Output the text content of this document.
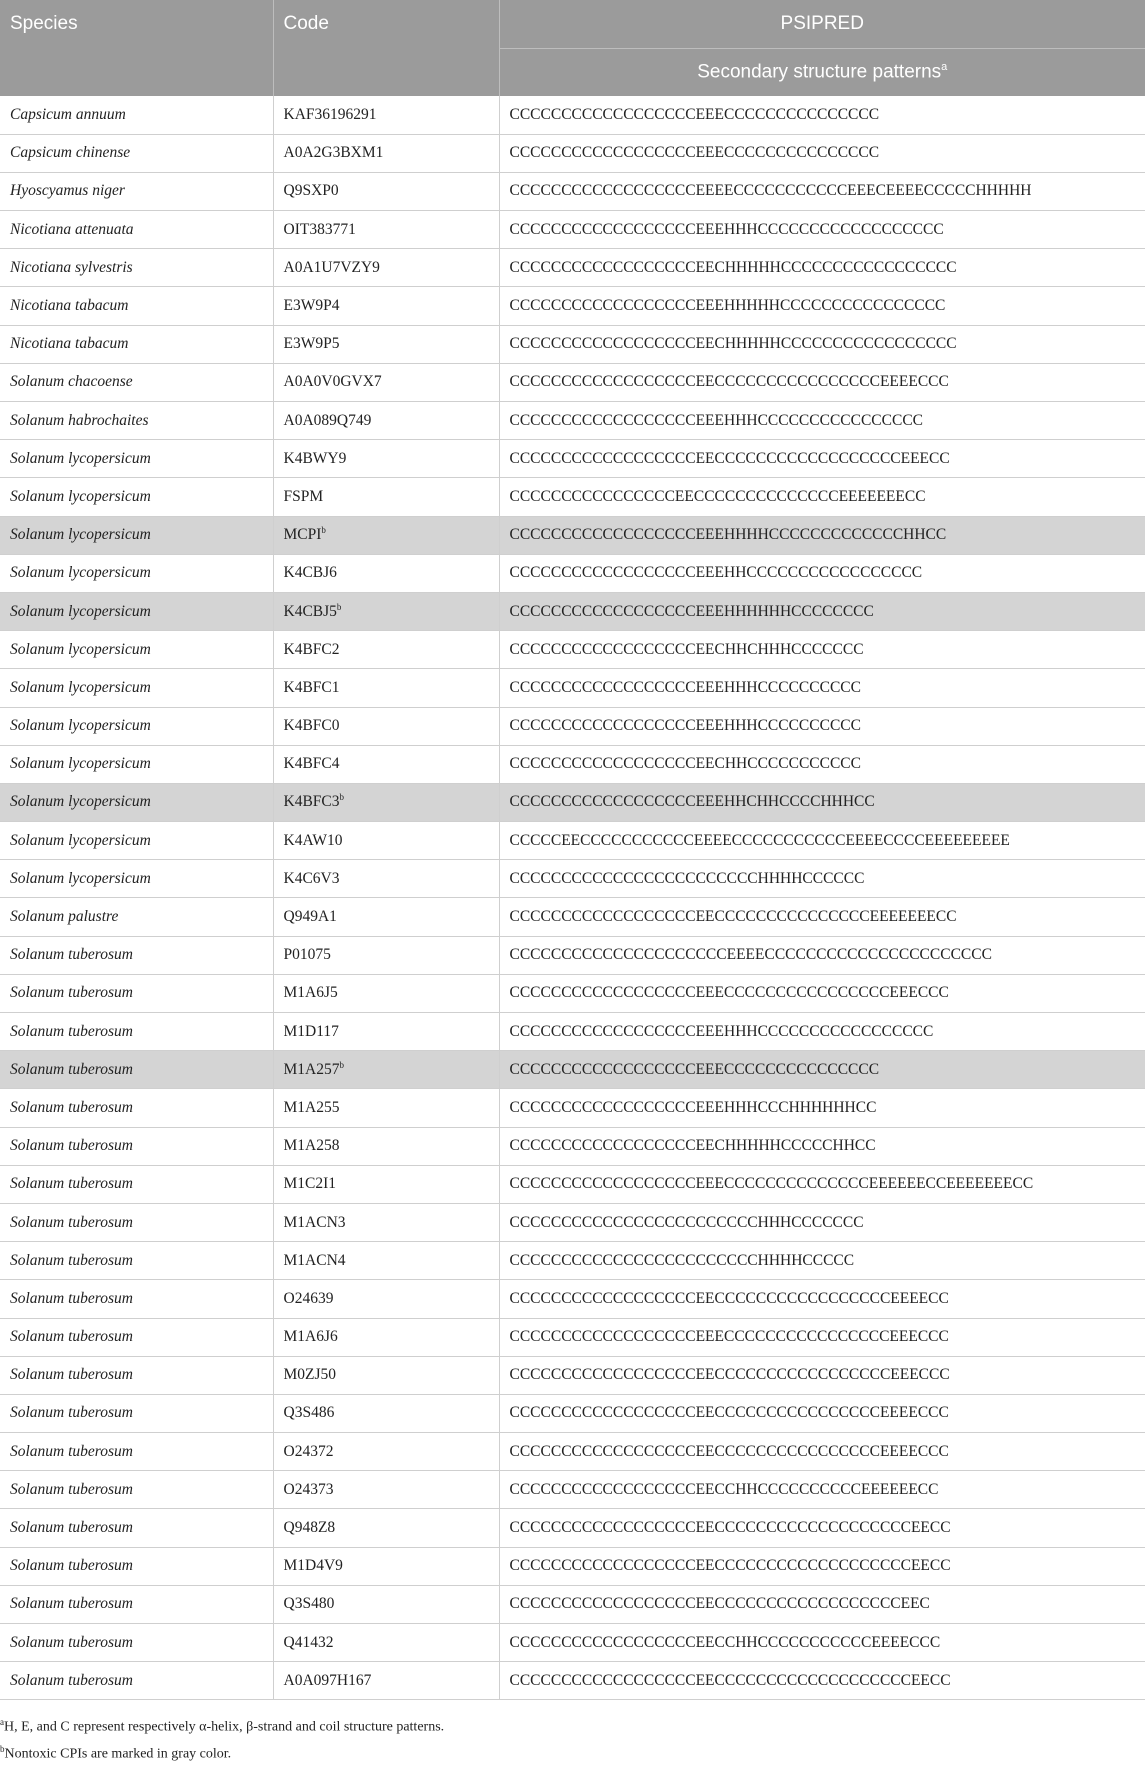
Species	Code	PSIPRED
		Secondary structure patterns$^a$
Capsicum annuum	KAF36196291	CCCCCCCCCCCCCCCCCCEEECCCCCCCCCCCCCCC
Capsicum chinense	A0A2G3BXM1	CCCCCCCCCCCCCCCCCCEEECCCCCCCCCCCCCCC
Hyoscyamus niger	Q9SXP0	CCCCCCCCCCCCCCCCCCEEEECCCCCCCCCCCEEECEEEECCCCCHHHHH
Nicotiana attenuata	OIT383771	CCCCCCCCCCCCCCCCCCEEEHHHCCCCCCCCCCCCCCCCCC
Nicotiana sylvestris	A0A1U7VZY9	CCCCCCCCCCCCCCCCCCEECHHHHHCCCCCCCCCCCCCCCCC
Nicotiana tabacum	E3W9P4	CCCCCCCCCCCCCCCCCCEEEHHHHHCCCCCCCCCCCCCCCC
Nicotiana tabacum	E3W9P5	CCCCCCCCCCCCCCCCCCEECHHHHHCCCCCCCCCCCCCCCCC
Solanum chacoense	A0A0V0GVX7	CCCCCCCCCCCCCCCCCCEECCCCCCCCCCCCCCCCEEEECCC
Solanum habrochaites	A0A089Q749	CCCCCCCCCCCCCCCCCCEEEHHHCCCCCCCCCCCCCCCC
Solanum lycopersicum	K4BWY9	CCCCCCCCCCCCCCCCCCEECCCCCCCCCCCCCCCCCCEEECC
Solanum lycopersicum	FSPM	CCCCCCCCCCCCCCCCEECCCCCCCCCCCCCCEEEEEEECC
Solanum lycopersicum	MCPI$^b$	CCCCCCCCCCCCCCCCCCEEEHHHHCCCCCCCCCCCCCHHCC
Solanum lycopersicum	K4CBJ6	CCCCCCCCCCCCCCCCCCEEEHHCCCCCCCCCCCCCCCCC
Solanum lycopersicum	K4CBJ5$^b$	CCCCCCCCCCCCCCCCCCEEEHHHHHHCCCCCCCC
Solanum lycopersicum	K4BFC2	CCCCCCCCCCCCCCCCCCEECHHCHHHCCCCCCC
Solanum lycopersicum	K4BFC1	CCCCCCCCCCCCCCCCCCEEEHHHCCCCCCCCCC
Solanum lycopersicum	K4BFC0	CCCCCCCCCCCCCCCCCCEEEHHHCCCCCCCCCC
Solanum lycopersicum	K4BFC4	CCCCCCCCCCCCCCCCCCEECHHCCCCCCCCCCC
Solanum lycopersicum	K4BFC3$^b$	CCCCCCCCCCCCCCCCCCEEEHHCHHCCCCHHHCC
Solanum lycopersicum	K4AW10	CCCCCEECCCCCCCCCCCEEEECCCCCCCCCCCEEEECCCCEEEEEEEEE
Solanum lycopersicum	K4C6V3	CCCCCCCCCCCCCCCCCCCCCCCCHHHHCCCCCC
Solanum palustre	Q949A1	CCCCCCCCCCCCCCCCCCEECCCCCCCCCCCCCCCEEEEEEECC
Solanum tuberosum	P01075	CCCCCCCCCCCCCCCCCCCCCEEEECCCCCCCCCCCCCCCCCCCCCC
Solanum tuberosum	M1A6J5	CCCCCCCCCCCCCCCCCCEEECCCCCCCCCCCCCCCCEEECCC
Solanum tuberosum	M1D117	CCCCCCCCCCCCCCCCCCEEEHHHCCCCCCCCCCCCCCCCC
Solanum tuberosum	M1A257$^b$	CCCCCCCCCCCCCCCCCCEEECCCCCCCCCCCCCCC
Solanum tuberosum	M1A255	CCCCCCCCCCCCCCCCCCEEEHHHCCCHHHHHHCC
Solanum tuberosum	M1A258	CCCCCCCCCCCCCCCCCCEECHHHHHCCCCCHHCC
Solanum tuberosum	M1C2I1	CCCCCCCCCCCCCCCCCCEEECCCCCCCCCCCCCCEEEEEECCEEEEEEECC
Solanum tuberosum	M1ACN3	CCCCCCCCCCCCCCCCCCCCCCCCHHHCCCCCCC
Solanum tuberosum	M1ACN4	CCCCCCCCCCCCCCCCCCCCCCCCHHHHCCCCC
Solanum tuberosum	O24639	CCCCCCCCCCCCCCCCCCEECCCCCCCCCCCCCCCCCEEEECC
Solanum tuberosum	M1A6J6	CCCCCCCCCCCCCCCCCCEEECCCCCCCCCCCCCCCCEEECCC
Solanum tuberosum	M0ZJ50	CCCCCCCCCCCCCCCCCCEECCCCCCCCCCCCCCCCCEEECCC
Solanum tuberosum	Q3S486	CCCCCCCCCCCCCCCCCCEECCCCCCCCCCCCCCCCEEEECCC
Solanum tuberosum	O24372	CCCCCCCCCCCCCCCCCCEECCCCCCCCCCCCCCCCEEEECCC
Solanum tuberosum	O24373	CCCCCCCCCCCCCCCCCCEECCHHCCCCCCCCCCEEEEEECC
Solanum tuberosum	Q948Z8	CCCCCCCCCCCCCCCCCCEECCCCCCCCCCCCCCCCCCCEECC
Solanum tuberosum	M1D4V9	CCCCCCCCCCCCCCCCCCEECCCCCCCCCCCCCCCCCCCEECC
Solanum tuberosum	Q3S480	CCCCCCCCCCCCCCCCCCEECCCCCCCCCCCCCCCCCCEEC
Solanum tuberosum	Q41432	CCCCCCCCCCCCCCCCCCEECCHHCCCCCCCCCCCEEEECCC
Solanum tuberosum	A0A097H167	CCCCCCCCCCCCCCCCCCEECCCCCCCCCCCCCCCCCCCEECC

$^a$H, E, and C represent respectively α-helix, β-strand and coil structure patterns.

$^b$Nontoxic CPIs are marked in gray color.
